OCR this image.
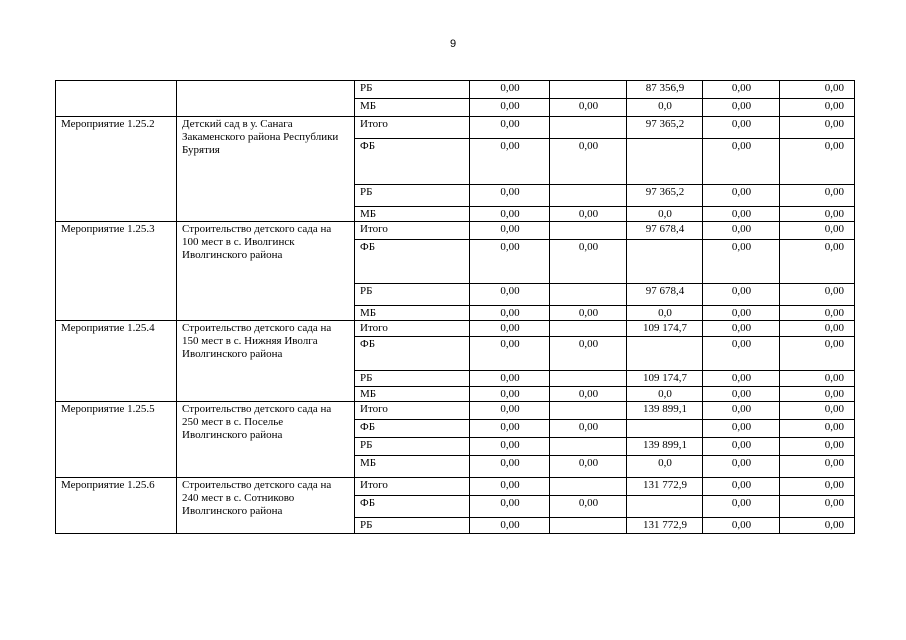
9
		РБ	0,00		87 356,9	0,00	0,00
		МБ	0,00	0,00	0,0	0,00	0,00
Мероприятие 1.25.2	Детский сад в у. Санага Закаменского района Республики Бурятия	Итого	0,00		97 365,2	0,00	0,00
		ФБ	0,00	0,00		0,00	0,00
		РБ	0,00		97 365,2	0,00	0,00
		МБ	0,00	0,00	0,0	0,00	0,00
Мероприятие 1.25.3	Строительство детского сада на 100 мест в с. Иволгинск Иволгинского района	Итого	0,00		97 678,4	0,00	0,00
		ФБ	0,00	0,00		0,00	0,00
		РБ	0,00		97 678,4	0,00	0,00
		МБ	0,00	0,00	0,0	0,00	0,00
Мероприятие 1.25.4	Строительство детского сада на 150 мест в с. Нижняя Иволга Иволгинского района	Итого	0,00		109 174,7	0,00	0,00
		ФБ	0,00	0,00		0,00	0,00
		РБ	0,00		109 174,7	0,00	0,00
		МБ	0,00	0,00	0,0	0,00	0,00
Мероприятие 1.25.5	Строительство детского сада на 250 мест в с. Поселье Иволгинского района	Итого	0,00		139 899,1	0,00	0,00
		ФБ	0,00	0,00		0,00	0,00
		РБ	0,00		139 899,1	0,00	0,00
		МБ	0,00	0,00	0,0	0,00	0,00
Мероприятие 1.25.6	Строительство детского сада на 240 мест в с. Сотниково Иволгинского района	Итого	0,00		131 772,9	0,00	0,00
		ФБ	0,00	0,00		0,00	0,00
		РБ	0,00		131 772,9	0,00	0,00
